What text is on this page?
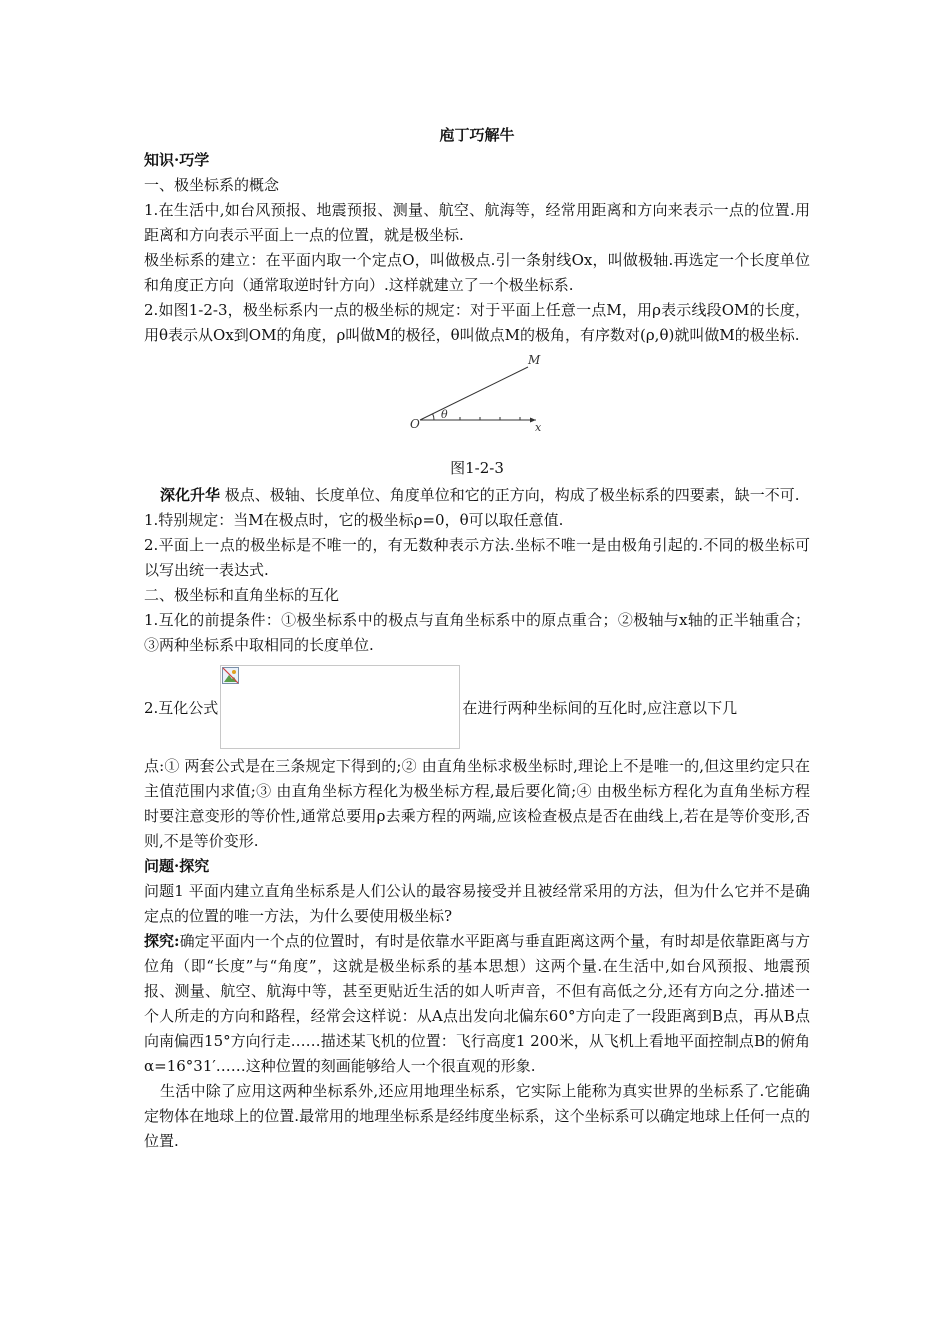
庖丁巧解牛

知识·巧学

一、极坐标系的概念

1.在生活中,如台风预报、地震预报、测量、航空、航海等，经常用距离和方向来表示一点的位置.用距离和方向表示平面上一点的位置，就是极坐标.

极坐标系的建立：在平面内取一个定点O，叫做极点.引一条射线Ox，叫做极轴.再选定一个长度单位和角度正方向（通常取逆时针方向）.这样就建立了一个极坐标系.

2.如图1-2-3，极坐标系内一点的极坐标的规定：对于平面上任意一点M，用ρ表示线段OM的长度，用θ表示从Ox到OM的角度，ρ叫做M的极径，θ叫做点M的极角，有序数对(ρ,θ)就叫做M的极坐标.

M
O	x
θ

图1-2-3

深化升华 极点、极轴、长度单位、角度单位和它的正方向，构成了极坐标系的四要素，缺一不可.

1.特别规定：当M在极点时，它的极坐标ρ=0，θ可以取任意值.

2.平面上一点的极坐标是不唯一的，有无数种表示方法.坐标不唯一是由极角引起的.不同的极坐标可以写出统一表达式.

二、极坐标和直角坐标的互化

1.互化的前提条件：①极坐标系中的极点与直角坐标系中的原点重合；②极轴与x轴的正半轴重合；③两种坐标系中取相同的长度单位.

2.互化公式	在进行两种坐标间的互化时,应注意以下几

点:① 两套公式是在三条规定下得到的;② 由直角坐标求极坐标时,理论上不是唯一的,但这里约定只在主值范围内求值;③ 由直角坐标方程化为极坐标方程,最后要化简;④ 由极坐标方程化为直角坐标方程时要注意变形的等价性,通常总要用ρ去乘方程的两端,应该检查极点是否在曲线上,若在是等价变形,否则,不是等价变形.

问题·探究

问题1 平面内建立直角坐标系是人们公认的最容易接受并且被经常采用的方法，但为什么它并不是确定点的位置的唯一方法，为什么要使用极坐标?

探究:确定平面内一个点的位置时，有时是依靠水平距离与垂直距离这两个量，有时却是依靠距离与方位角（即“长度”与“角度”，这就是极坐标系的基本思想）这两个量.在生活中,如台风预报、地震预报、测量、航空、航海中等，甚至更贴近生活的如人听声音，不但有高低之分,还有方向之分.描述一个人所走的方向和路程，经常会这样说：从A点出发向北偏东60°方向走了一段距离到B点，再从B点向南偏西15°方向行走……描述某飞机的位置：飞行高度1 200米，从飞机上看地平面控制点B的俯角α=16°31′……这种位置的刻画能够给人一个很直观的形象.

生活中除了应用这两种坐标系外,还应用地理坐标系，它实际上能称为真实世界的坐标系了.它能确定物体在地球上的位置.最常用的地理坐标系是经纬度坐标系，这个坐标系可以确定地球上任何一点的位置.
